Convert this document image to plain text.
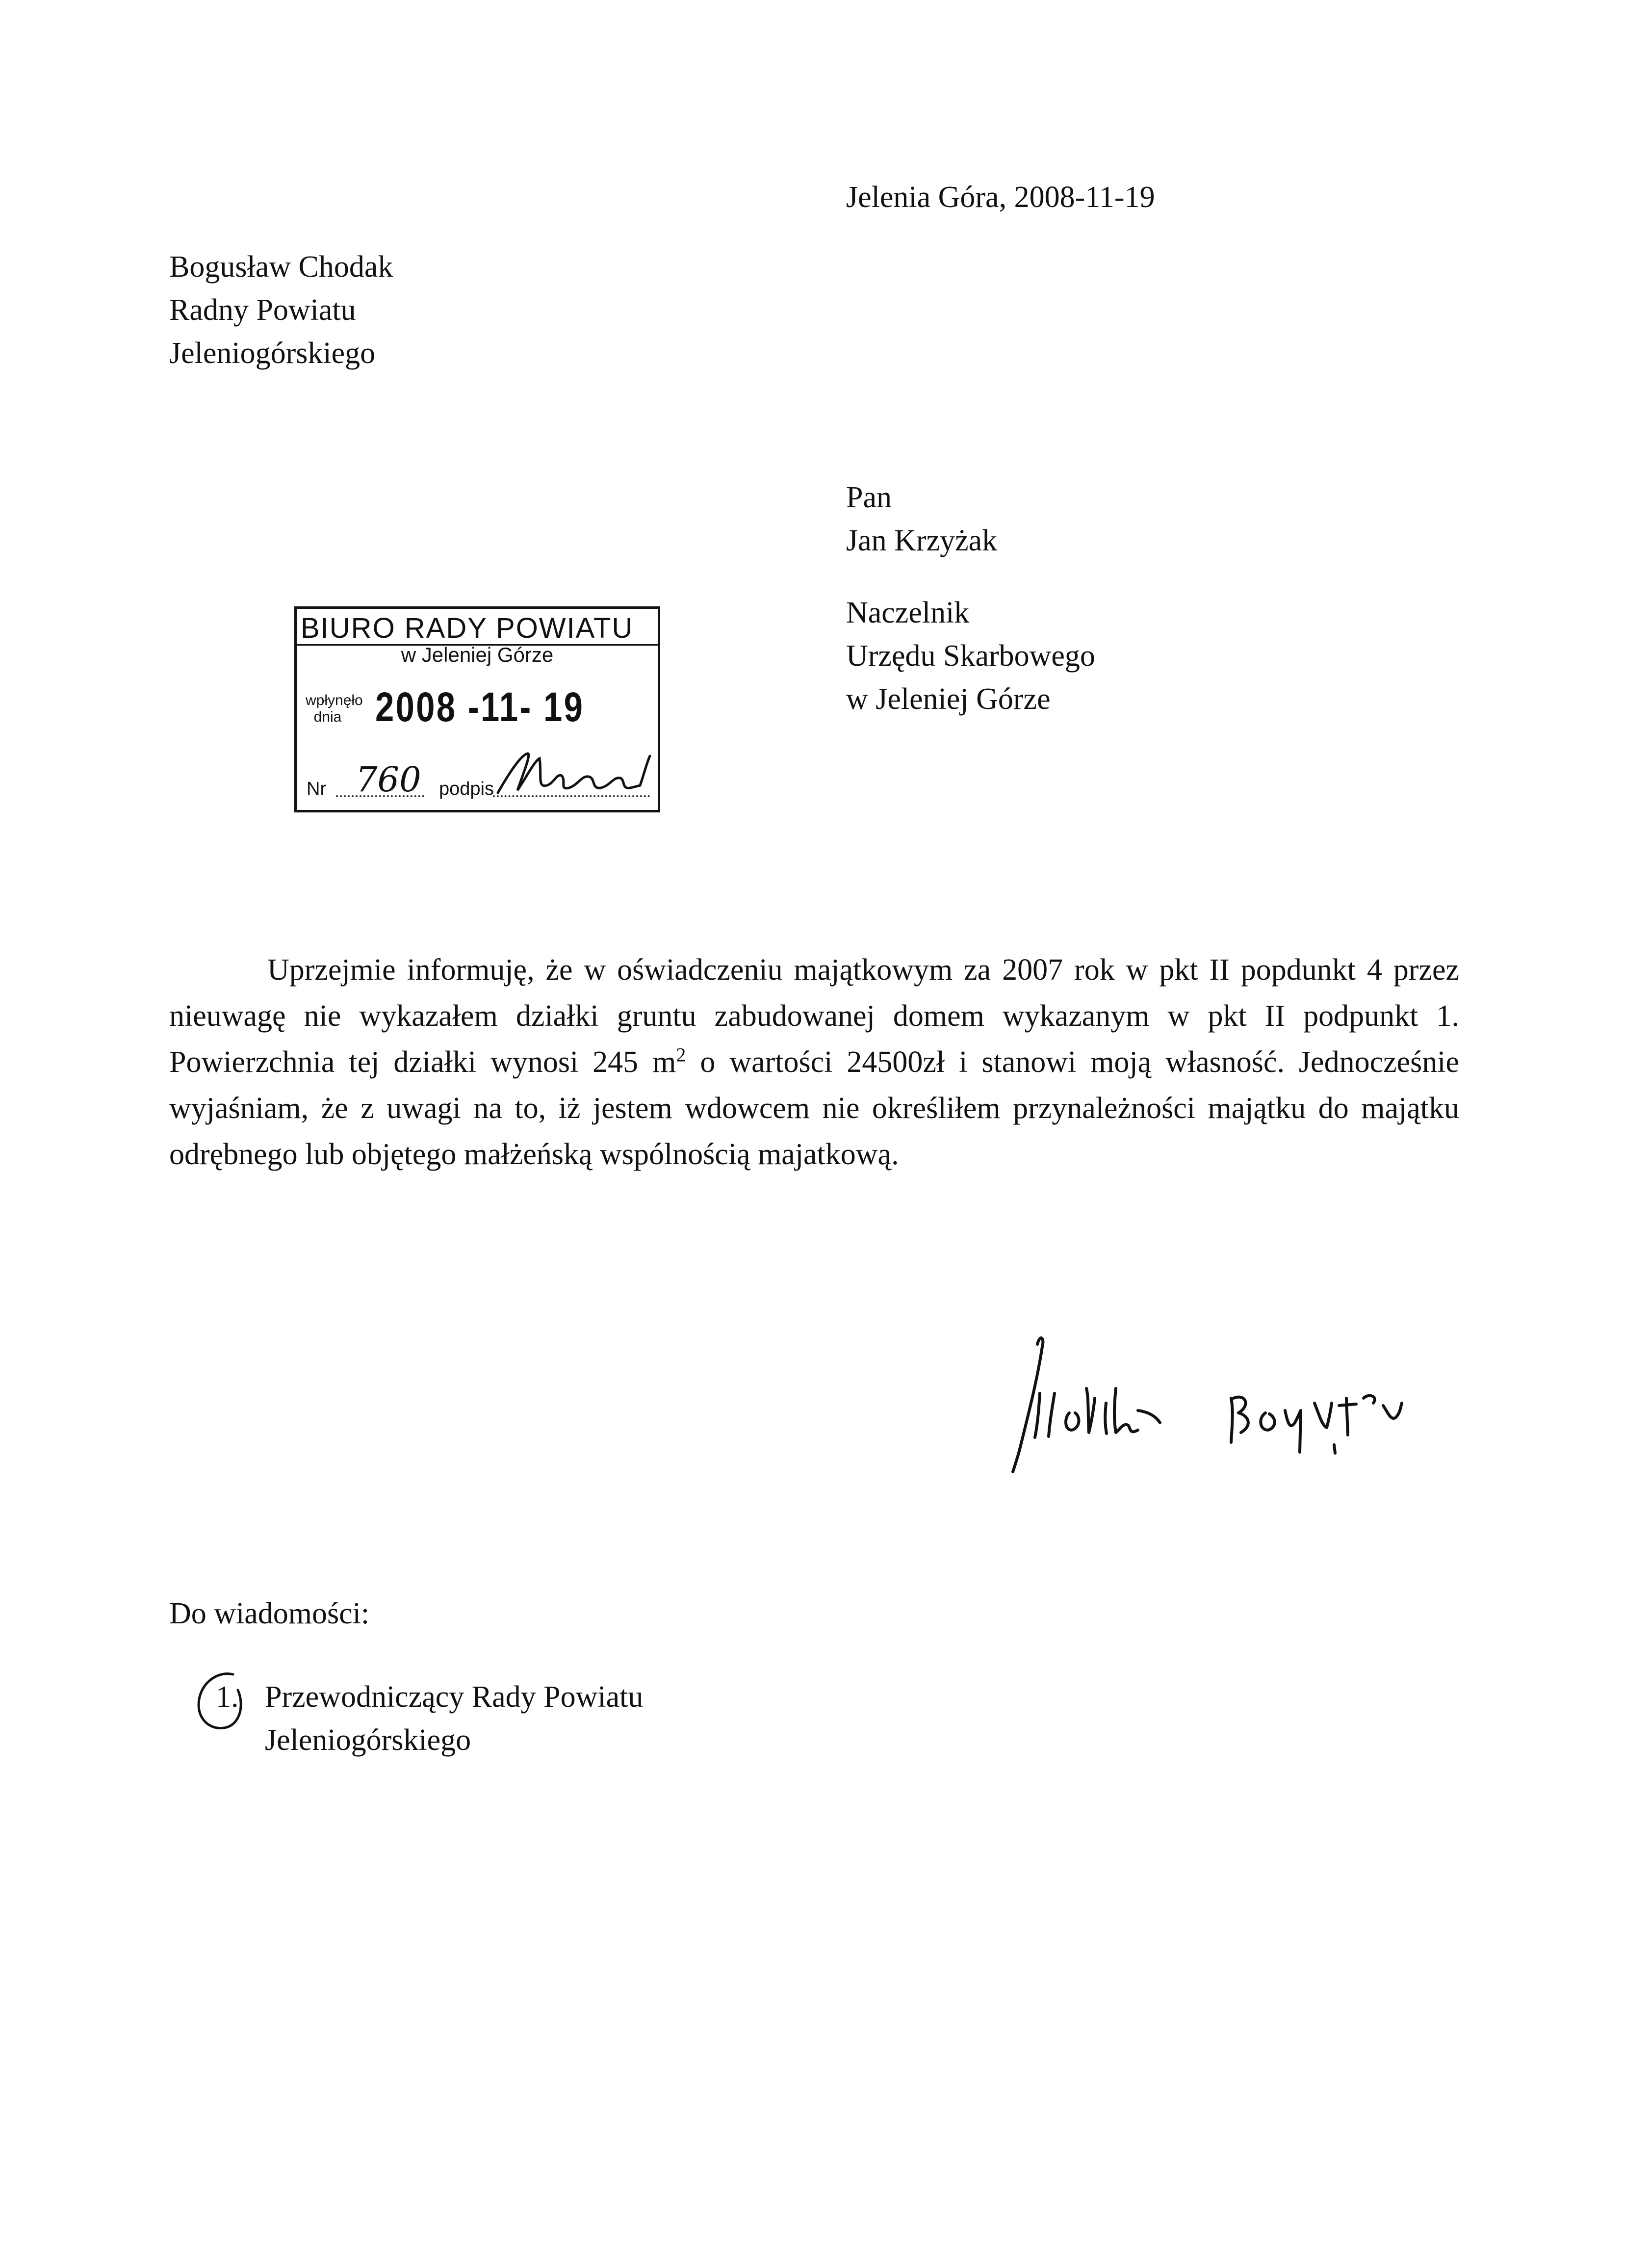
Jelenia Góra, 2008-11-19

Bogusław Chodak
Radny Powiatu
Jeleniogórskiego
Pan
Jan Krzyżak
Naczelnik
Urzędu Skarbowego
w Jeleniej Górze
BIURO RADY POWIATU
w Jeleniej Górze
wpłynęło
dnia 2008 -11- 19
Nr 760 podpis

Uprzejmie informuję, że w oświadczeniu majątkowym za 2007 rok w pkt II popdunkt 4 przez nieuwagę nie wykazałem działki gruntu zabudowanej domem wykazanym w pkt II podpunkt 1. Powierzchnia tej działki wynosi 245 $m^2$ o wartości 24500zł i stanowi moją własność. Jednocześnie wyjaśniam, że z uwagi na to, iż jestem wdowcem nie określiłem przynależności majątku do majątku odrębnego lub objętego małżeńską wspólnością majatkową.

Do wiadomości:

1. Przewodniczący Rady Powiatu
Jeleniogórskiego
